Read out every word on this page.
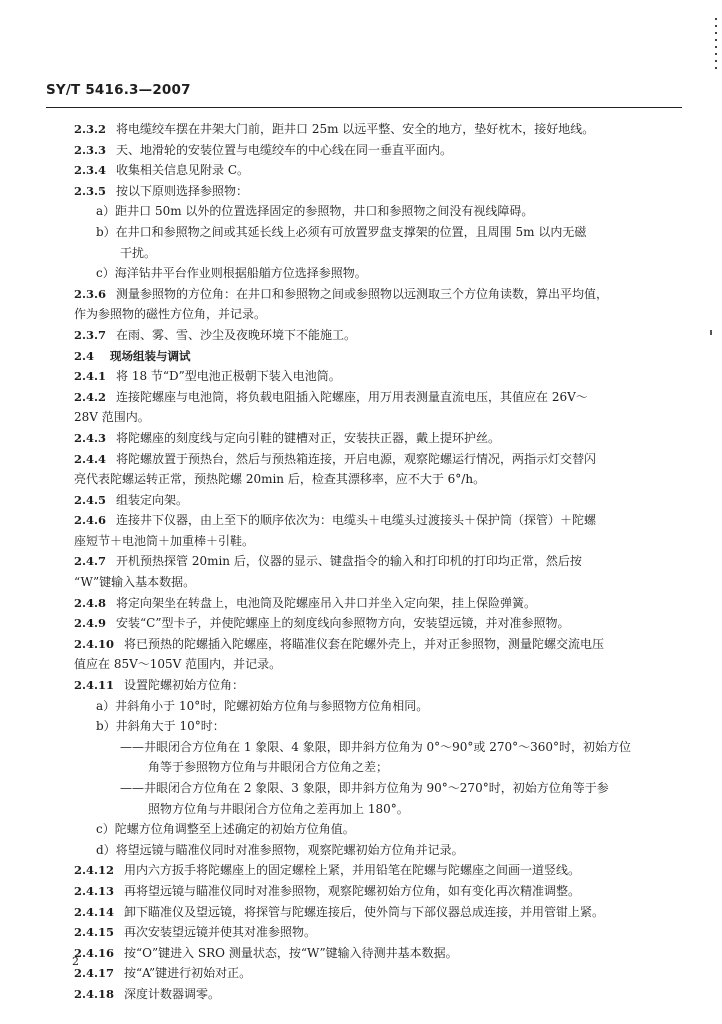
SY/T 5416.3—2007
2.3.2 将电缆绞车摆在井架大门前，距井口 25m 以远平整、安全的地方，垫好枕木，接好地线。
2.3.3 天、地滑轮的安装位置与电缆绞车的中心线在同一垂直平面内。
2.3.4 收集相关信息见附录 C。
2.3.5 按以下原则选择参照物：
a）距井口 50m 以外的位置选择固定的参照物，井口和参照物之间没有视线障碍。
b）在井口和参照物之间或其延长线上必须有可放置罗盘支撑架的位置，且周围 5m 以内无磁
干扰。
c）海洋钻井平台作业则根据船艏方位选择参照物。
2.3.6 测量参照物的方位角：在井口和参照物之间或参照物以远测取三个方位角读数，算出平均值，
作为参照物的磁性方位角，并记录。
2.3.7 在雨、雾、雪、沙尘及夜晚环境下不能施工。
2.4 现场组装与调试
2.4.1 将 18 节“D”型电池正极朝下装入电池筒。
2.4.2 连接陀螺座与电池筒，将负载电阻插入陀螺座，用万用表测量直流电压，其值应在 26V～
28V 范围内。
2.4.3 将陀螺座的刻度线与定向引鞋的键槽对正，安装扶正器，戴上提环护丝。
2.4.4 将陀螺放置于预热台，然后与预热箱连接，开启电源，观察陀螺运行情况，两指示灯交替闪
亮代表陀螺运转正常，预热陀螺 20min 后，检查其漂移率，应不大于 6°/h。
2.4.5 组装定向架。
2.4.6 连接井下仪器，由上至下的顺序依次为：电缆头＋电缆头过渡接头＋保护筒（探管）＋陀螺
座短节＋电池筒＋加重棒＋引鞋。
2.4.7 开机预热探管 20min 后，仪器的显示、键盘指令的输入和打印机的打印均正常，然后按
“W”键输入基本数据。
2.4.8 将定向架坐在转盘上，电池筒及陀螺座吊入井口并坐入定向架，挂上保险弹簧。
2.4.9 安装“C”型卡子，并使陀螺座上的刻度线向参照物方向，安装望远镜，并对准参照物。
2.4.10 将已预热的陀螺插入陀螺座，将瞄准仪套在陀螺外壳上，并对正参照物，测量陀螺交流电压
值应在 85V～105V 范围内，并记录。
2.4.11 设置陀螺初始方位角：
a）井斜角小于 10°时，陀螺初始方位角与参照物方位角相同。
b）井斜角大于 10°时：
——井眼闭合方位角在 1 象限、4 象限，即井斜方位角为 0°～90°或 270°～360°时，初始方位
角等于参照物方位角与井眼闭合方位角之差；
——井眼闭合方位角在 2 象限、3 象限，即井斜方位角为 90°～270°时，初始方位角等于参
照物方位角与井眼闭合方位角之差再加上 180°。
c）陀螺方位角调整至上述确定的初始方位角值。
d）将望远镜与瞄准仪同时对准参照物，观察陀螺初始方位角并记录。
2.4.12 用内六方扳手将陀螺座上的固定螺栓上紧，并用铅笔在陀螺与陀螺座之间画一道竖线。
2.4.13 再将望远镜与瞄准仪同时对准参照物，观察陀螺初始方位角，如有变化再次精准调整。
2.4.14 卸下瞄准仪及望远镜，将探管与陀螺连接后，使外筒与下部仪器总成连接，并用管钳上紧。
2.4.15 再次安装望远镜并使其对准参照物。
2.4.16 按“O”键进入 SRO 测量状态，按“W”键输入待测井基本数据。
2.4.17 按“A”键进行初始对正。
2.4.18 深度计数器调零。
2
